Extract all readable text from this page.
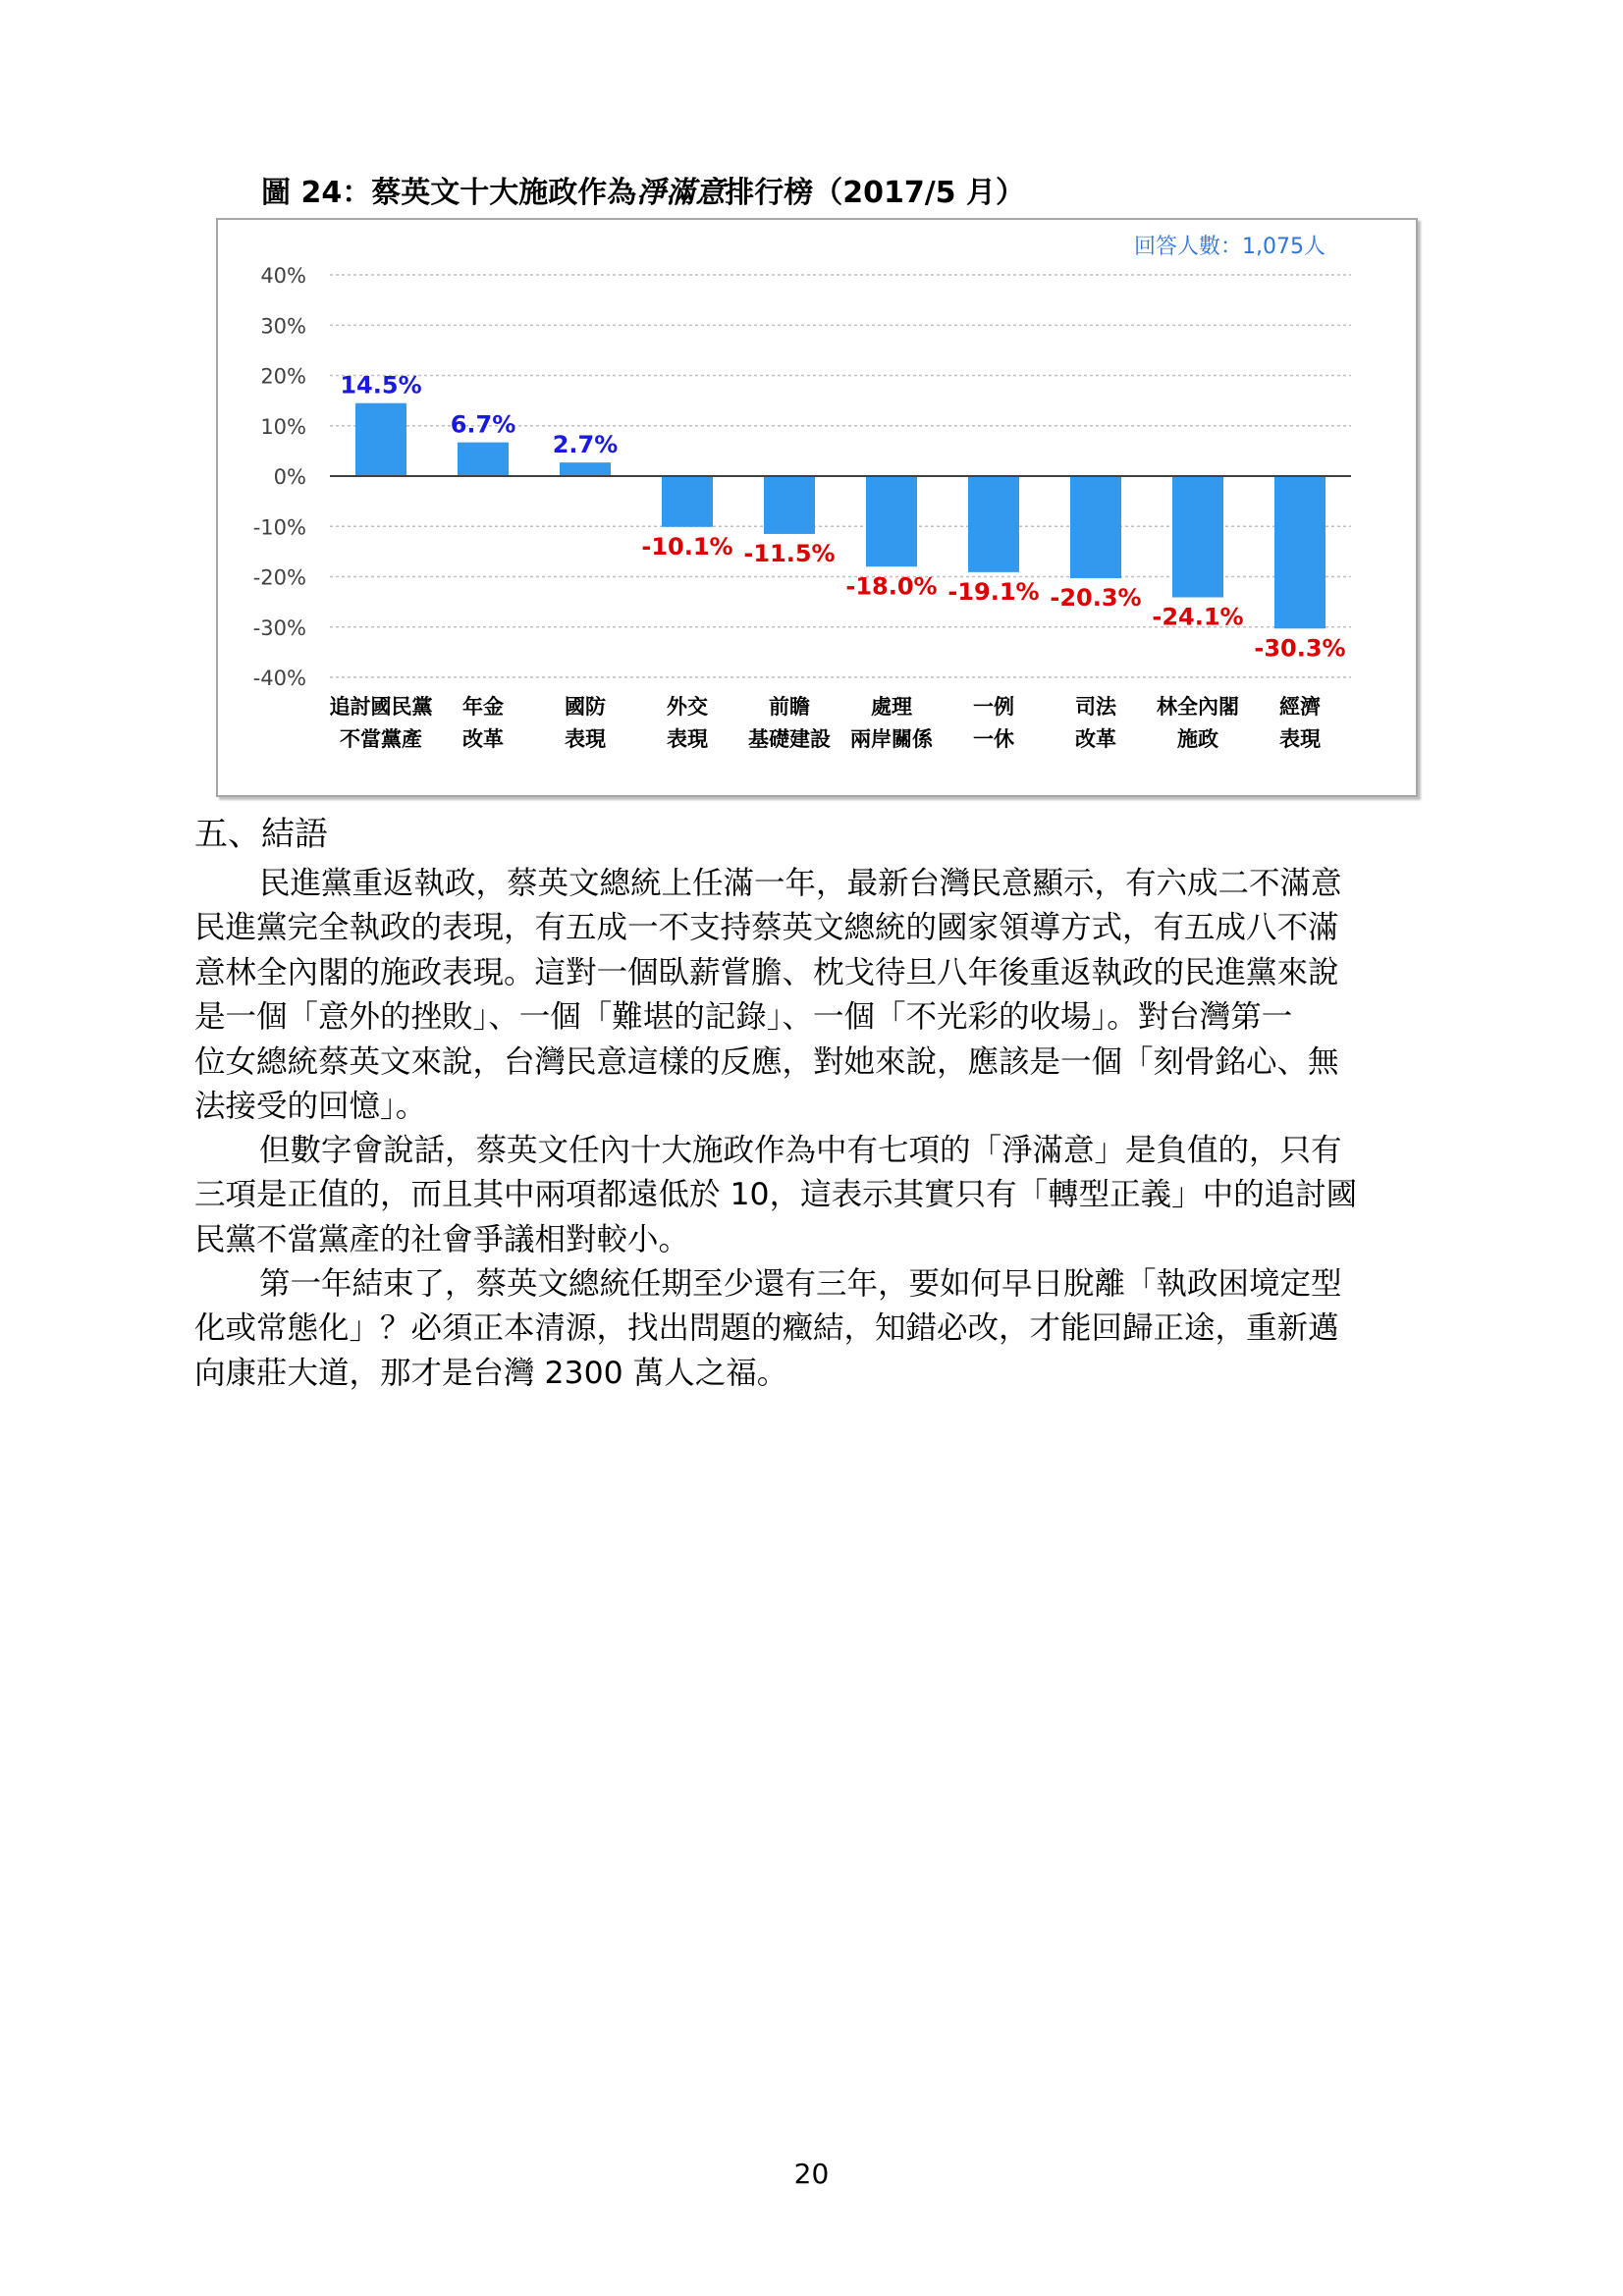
圖 24：蔡英文十大施政作為淨滿意排行榜（2017/5 月）
回答人數：1,075人
40%
30%
20%
10%
0%
-10%
-20%
-30%
-40%
14.5%
6.7%
2.7%
-10.1% -11.5%
-18.0% -19.1% -20.3%
-24.1%
-30.3%
追討國民黨
不當黨產
年金
改革
國防
表現
外交
表現
前瞻
基礎建設
處理
兩岸關係
一例
一休
司法
改革
林全內閣
施政
經濟
表現
五、結語
民進黨重返執政，蔡英文總統上任滿一年，最新台灣民意顯示，有六成二不滿意
民進黨完全執政的表現，有五成一不支持蔡英文總統的國家領導方式，有五成八不滿
意林全內閣的施政表現。這對一個臥薪嘗膽、枕戈待旦八年後重返執政的民進黨來說
是一個「意外的挫敗」、一個「難堪的記錄」、一個「不光彩的收場」。對台灣第一
位女總統蔡英文來說，台灣民意這樣的反應，對她來說，應該是一個「刻骨銘心、無
法接受的回憶」。
但數字會說話，蔡英文任內十大施政作為中有七項的「淨滿意」是負值的，只有
三項是正值的，而且其中兩項都遠低於 10，這表示其實只有「轉型正義」中的追討國
民黨不當黨產的社會爭議相對較小。
第一年結束了，蔡英文總統任期至少還有三年，要如何早日脫離「執政困境定型
化或常態化」？必須正本清源，找出問題的癥結，知錯必改，才能回歸正途，重新邁
向康莊大道，那才是台灣 2300 萬人之福。
20
